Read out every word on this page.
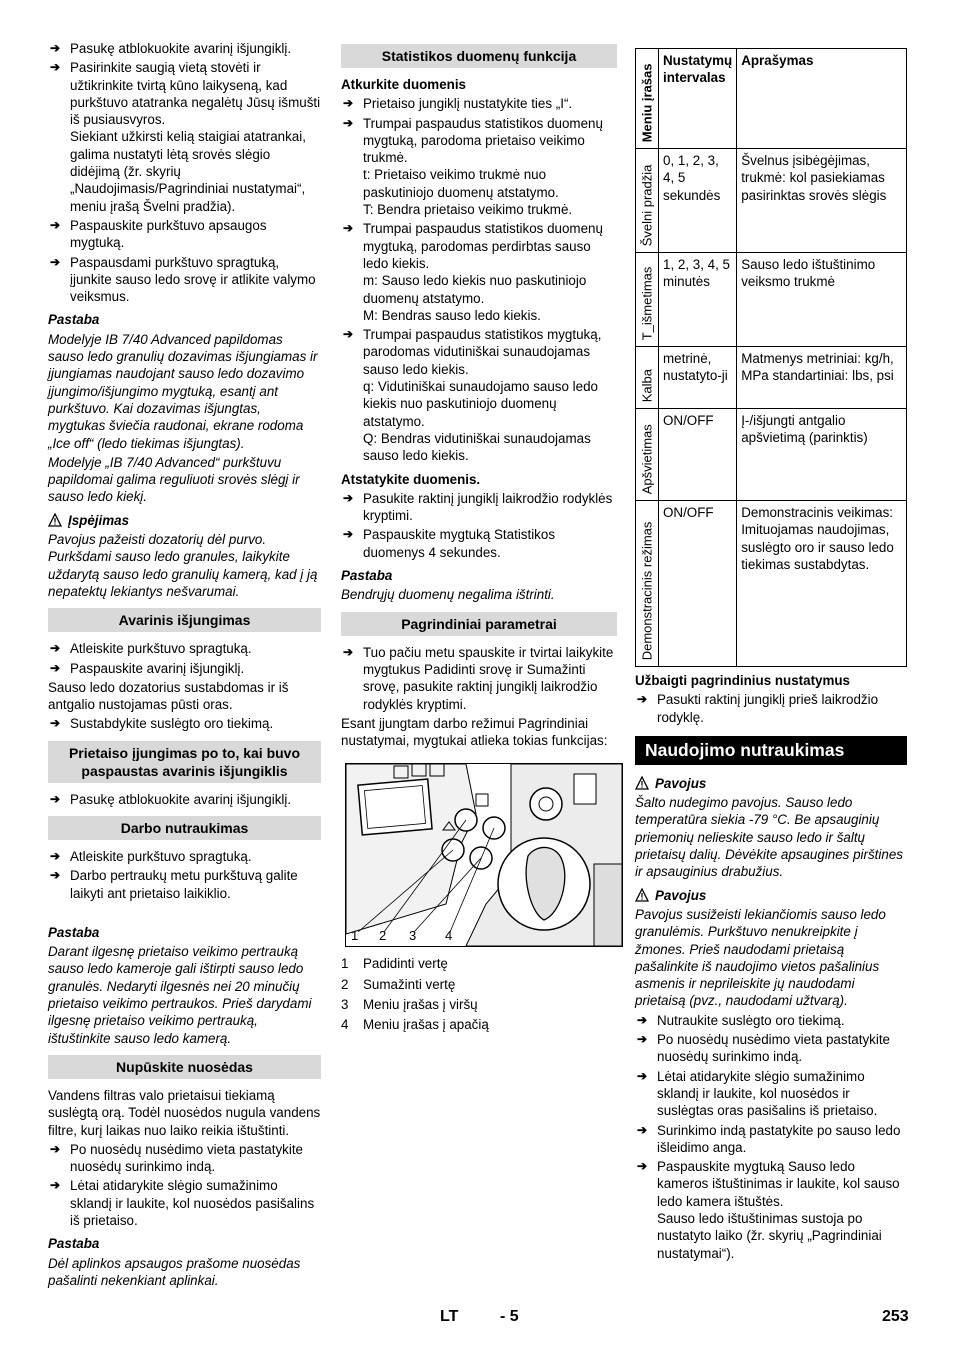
➔ Pasukę atblokuokite avarinį išjungiklį.
➔ Pasirinkite saugią vietą stovėti ir užtikrinkite tvirtą kūno laikyseną, kad purkštuvo atatranka negalėtų Jūsų išmušti iš pusiausvyros.

Siekiant užkirsti kelią staigiai atatrankai, galima nustatyti lėtą srovės slėgio didėjimą (žr. skyrių „Naudojimasis/Pagrindiniai nustatymai“, meniu įrašą Švelni pradžia).

➔ Paspauskite purkštuvo apsaugos mygtuką.
➔ Paspausdami purkštuvo spragtuką, įjunkite sauso ledo srovę ir atlikite valymo veiksmus.
Pastaba
Modelyje IB 7/40 Advanced papildomas sauso ledo granulių dozavimas išjungiamas ir įjungiamas naudojant sauso ledo dozavimo įjungimo/išjungimo mygtuką, esantį ant purkštuvo. Kai dozavimas išjungtas, mygtukas šviečia raudonai, ekrane rodoma „Ice off“ (ledo tiekimas išjungtas).
Modelyje „IB 7/40 Advanced“ purkštuvu papildomai galima reguliuoti srovės slėgį ir sauso ledo kiekį.
Įspėjimas
Pavojus pažeisti dozatorių dėl purvo. Purkšdami sauso ledo granules, laikykite uždarytą sauso ledo granulių kamerą, kad į ją nepatektų lekiantys nešvarumai.
Avarinis išjungimas
➔ Atleiskite purkštuvo spragtuką.
➔ Paspauskite avarinį išjungiklį.

Sauso ledo dozatorius sustabdomas ir iš antgalio nustojamas pūsti oras.

➔ Sustabdykite suslėgto oro tiekimą.
Prietaiso įjungimas po to, kai buvo paspaustas avarinis išjungiklis
➔ Pasukę atblokuokite avarinį išjungiklį.
Darbo nutraukimas
➔ Atleiskite purkštuvo spragtuką.
➔ Darbo pertraukų metu purkštuvą galite laikyti ant prietaiso laikiklio.
Pastaba
Darant ilgesnę prietaiso veikimo pertrauką sauso ledo kameroje gali ištirpti sauso ledo granulės. Nedaryti ilgesnės nei 20 minučių prietaiso veikimo pertraukos. Prieš darydami ilgesnę prietaiso veikimo pertrauką, ištuštinkite sauso ledo kamerą.
Nupūskite nuosėdas

Vandens filtras valo prietaisui tiekiamą suslėgtą orą. Todėl nuosėdos nugula vandens filtre, kurį laikas nuo laiko reikia ištuštinti.

➔ Po nuosėdų nusėdimo vieta pastatykite nuosėdų surinkimo indą.
➔ Lėtai atidarykite slėgio sumažinimo sklandį ir laukite, kol nuosėdos pasišalins iš prietaiso.
Pastaba
Dėl aplinkos apsaugos prašome nuosėdas pašalinti nekenkiant aplinkai.
Statistikos duomenų funkcija
Atkurkite duomenis
➔ Prietaiso jungiklį nustatykite ties „I“.
➔ Trumpai paspaudus statistikos duomenų mygtuką, parodoma prietaiso veikimo trukmė.

t: Prietaiso veikimo trukmė nuo paskutiniojo duomenų atstatymo.

T: Bendra prietaiso veikimo trukmė.

➔ Trumpai paspaudus statistikos duomenų mygtuką, parodomas perdirbtas sauso ledo kiekis.

m: Sauso ledo kiekis nuo paskutiniojo duomenų atstatymo.

M: Bendras sauso ledo kiekis.

➔ Trumpai paspaudus statistikos mygtuką, parodomas vidutiniškai sunaudojamas sauso ledo kiekis.

q: Vidutiniškai sunaudojamo sauso ledo kiekis nuo paskutiniojo duomenų atstatymo.

Q: Bendras vidutiniškai sunaudojamas sauso ledo kiekis.

Atstatykite duomenis.
➔ Pasukite raktinį jungiklį laikrodžio rodyklės kryptimi.
➔ Paspauskite mygtuką Statistikos duomenys 4 sekundes.
Pastaba
Bendrųjų duomenų negalima ištrinti.
Pagrindiniai parametrai
➔ Tuo pačiu metu spauskite ir tvirtai laikykite mygtukus Padidinti srovę ir Sumažinti srovę, pasukite raktinį jungiklį laikrodžio rodyklės kryptimi.

Esant įjungtam darbo režimui Pagrindiniai nustatymai, mygtukai atlieka tokias funkcijas:

1 2 3 4
1 Padidinti vertę
2 Sumažinti vertę
3 Meniu įrašas į viršų
4 Meniu įrašas į apačią
Meniu įrašas	Nustatymų intervalas	Aprašymas

Švelni pradžia	0, 1, 2, 3, 4, 5 sekundės	Švelnus įsibėgėjimas, trukmė: kol pasiekiamas pasirinktas srovės slėgis

T_išmetimas	1, 2, 3, 4, 5 minutės	Sauso ledo ištuštinimo veiksmo trukmė

Kalba	metrinė, nustatyto-ji	Matmenys metriniai: kg/h, MPa standartiniai: lbs, psi

Apšvietimas	ON/OFF	Į-/išjungti antgalio apšvietimą (parinktis)

Demonstracinis režimas	ON/OFF	Demonstracinis veikimas: Imituojamas naudojimas, suslėgto oro ir sauso ledo tiekimas sustabdytas.
Užbaigti pagrindinius nustatymus
➔ Pasukti raktinį jungiklį prieš laikrodžio rodyklę.
Naudojimo nutraukimas
Pavojus
Šalto nudegimo pavojus. Sauso ledo temperatūra siekia -79 °C. Be apsauginių priemonių nelieskite sauso ledo ir šaltų prietaisų dalių. Dėvėkite apsaugines pirštines ir apsauginius drabužius.
Pavojus
Pavojus susižeisti lekiančiomis sauso ledo granulėmis. Purkštuvo nenukreipkite į žmones. Prieš naudodami prietaisą pašalinkite iš naudojimo vietos pašalinius asmenis ir neprileiskite jų naudodami prietaisą (pvz., naudodami užtvarą).
➔ Nutraukite suslėgto oro tiekimą.
➔ Po nuosėdų nusėdimo vieta pastatykite nuosėdų surinkimo indą.
➔ Lėtai atidarykite slėgio sumažinimo sklandį ir laukite, kol nuosėdos ir suslėgtas oras pasišalins iš prietaiso.
➔ Surinkimo indą pastatykite po sauso ledo išleidimo anga.
➔ Paspauskite mygtuką Sauso ledo kameros ištuštinimas ir laukite, kol sauso ledo kamera ištuštės.

Sauso ledo ištuštinimas sustoja po nustatyto laiko (žr. skyrių „Pagrindiniai nustatymai“).

LT	- 5	253
